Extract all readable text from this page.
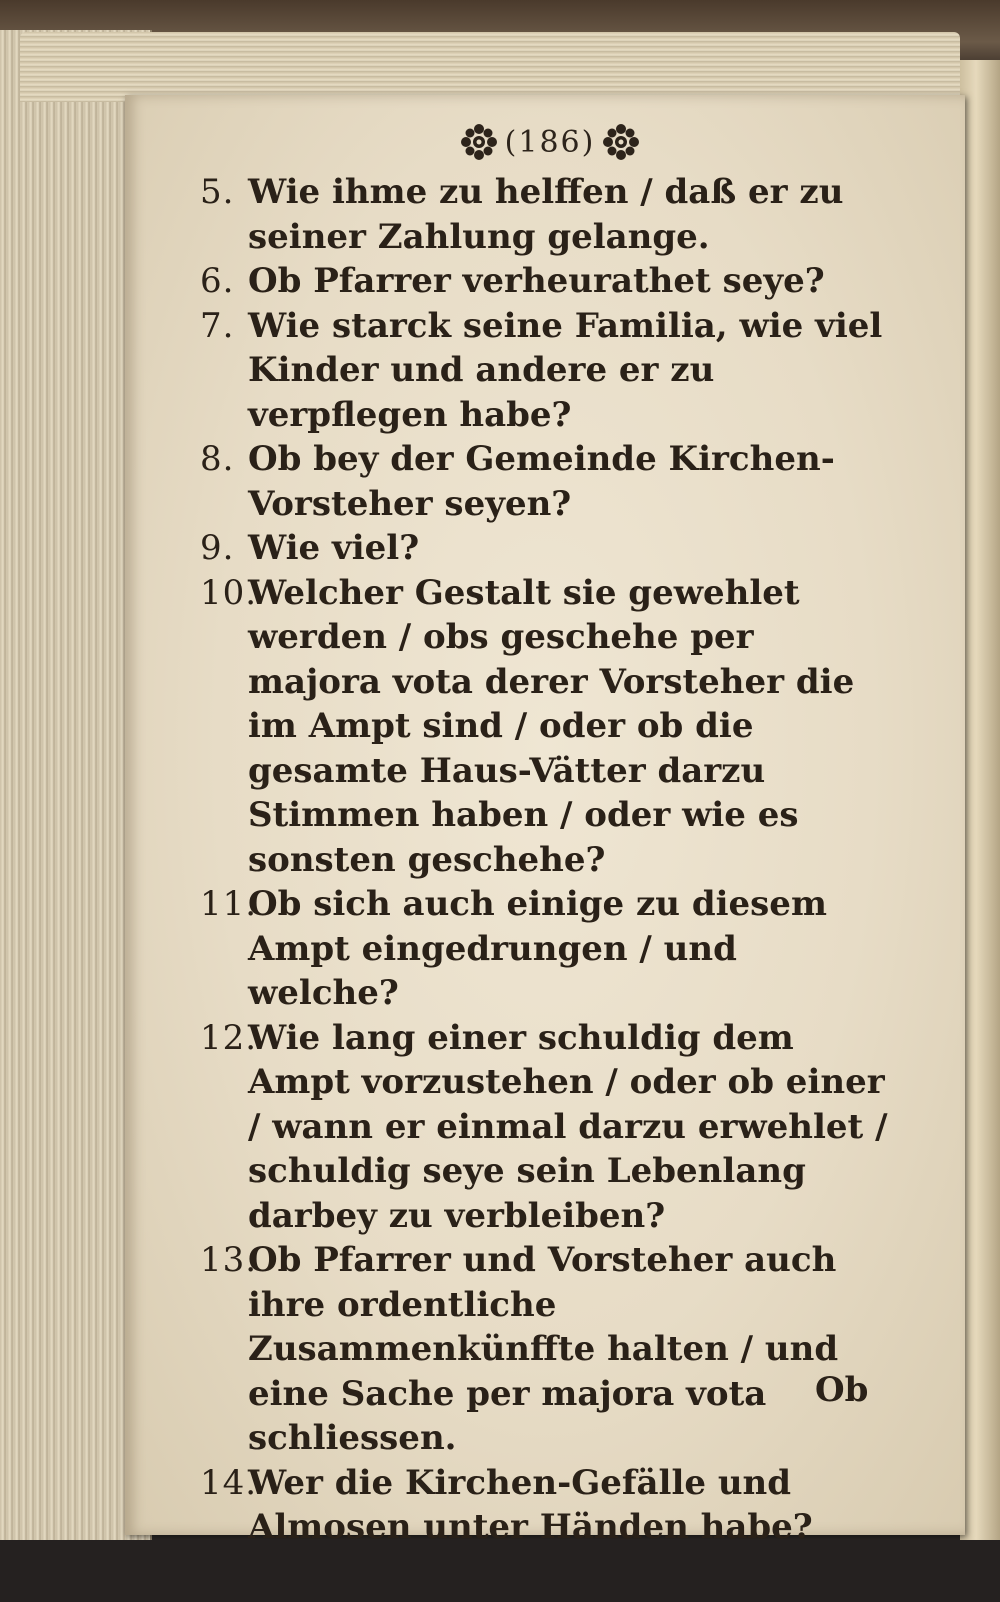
(186)
5. Wie ihme zu helffen / daß er zu seiner Zahlung gelange.
6. Ob Pfarrer verheurathet seye?
7. Wie starck seine Familia, wie viel Kinder und andere er zu verpflegen habe?
8. Ob bey der Gemeinde Kirchen-Vorsteher seyen?
9. Wie viel?
10.
Welcher Gestalt sie gewehlet werden / obs geschehe per majora vota derer Vorsteher die im Ampt sind / oder ob die gesamte Haus-Vätter darzu Stimmen haben / oder wie es sonsten geschehe?
11.
Ob sich auch einige zu diesem Ampt eingedrungen / und welche?
12.
Wie lang einer schuldig dem Ampt vorzustehen / oder ob einer / wann er einmal darzu erwehlet / schuldig seye sein Lebenlang darbey zu verbleiben?
13.
Ob Pfarrer und Vorsteher auch ihre ordentliche Zusammenkünffte halten / und eine Sache per majora vota schliessen.
14.
Wer die Kirchen-Gefälle und Almosen unter Händen habe?
Ob
